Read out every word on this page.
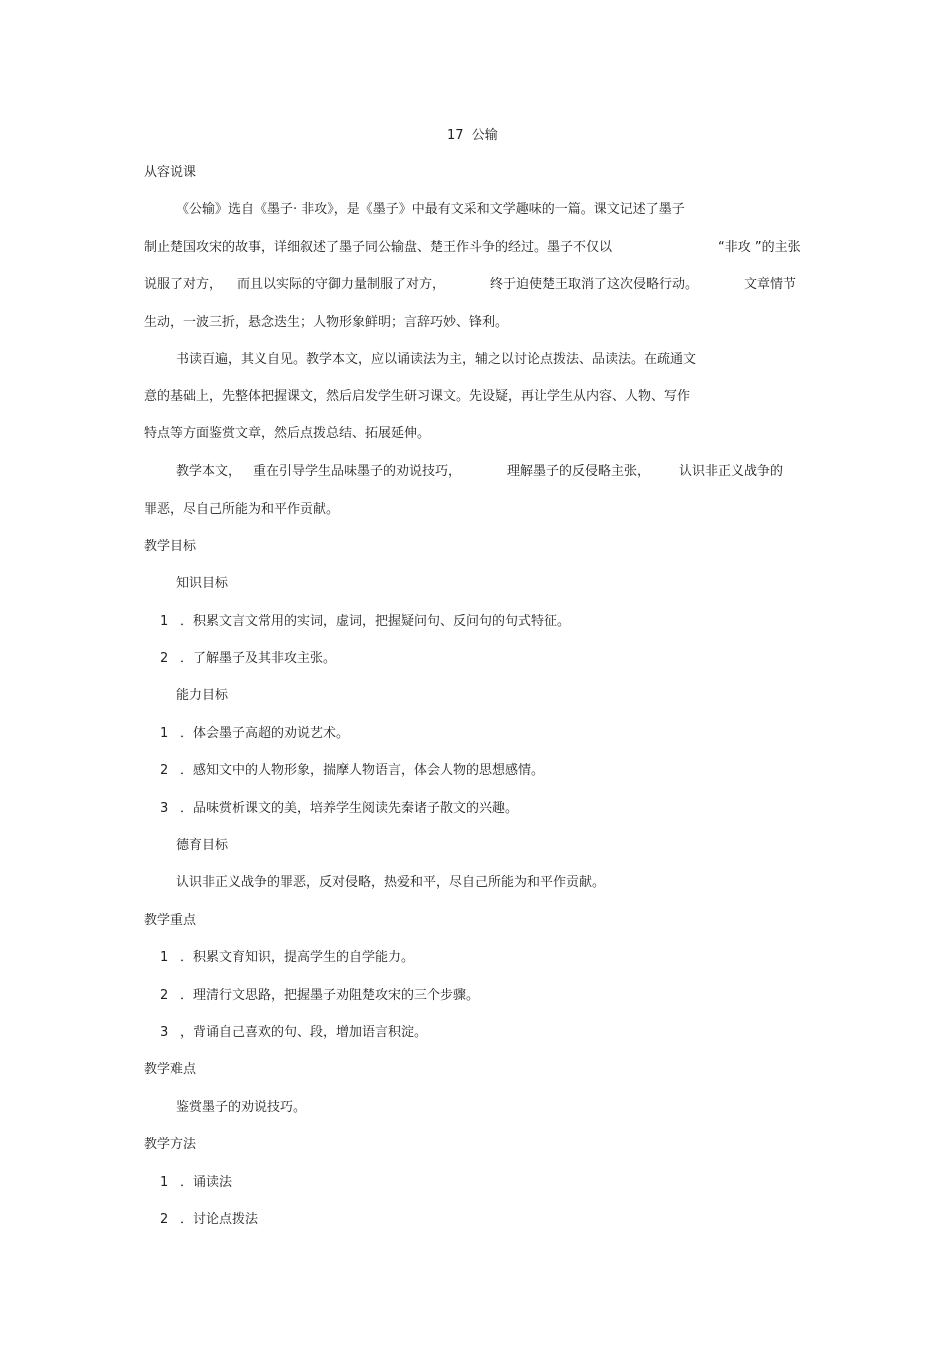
17  公输
从容说课
《公输》选自《墨子· 非攻》，是《墨子》中最有文采和文学趣味的一篇。课文记述了墨子
制止楚国攻宋的故事，详细叙述了墨子同公输盘、楚王作斗争的经过。墨子不仅以	“非攻 ”的主张
说服了对方， 而且以实际的守御力量制服了对方，	终于迫使楚王取消了这次侵略行动。	文章情节
生动，一波三折，悬念迭生；人物形象鲜明；言辞巧妙、锋利。
书读百遍，其义自见。教学本文，应以诵读法为主，辅之以讨论点拨法、品读法。在疏通文
意的基础上，先整体把握课文，然后启发学生研习课文。先设疑，再让学生从内容、人物、写作
特点等方面鉴赏文章，然后点拨总结、拓展延伸。
教学本文， 重在引导学生品味墨子的劝说技巧，	理解墨子的反侵略主张， 认识非正义战争的
罪恶，尽自己所能为和平作贡献。
教学目标
知识目标
1 ．积累文言文常用的实词，虚词，把握疑问句、反问句的句式特征。
2 ．了解墨子及其非攻主张。
能力目标
1 ．体会墨子高超的劝说艺术。
2 ．感知文中的人物形象，揣摩人物语言，体会人物的思想感情。
3 ．品味赏析课文的美，培养学生阅读先秦诸子散文的兴趣。
德育目标
认识非正义战争的罪恶，反对侵略，热爱和平，尽自己所能为和平作贡献。
教学重点
1 ．积累文育知识，提高学生的自学能力。
2 ．理清行文思路，把握墨子劝阻楚攻宋的三个步骤。
3 ，背诵自己喜欢的句、段，增加语言积淀。
教学难点
鉴赏墨子的劝说技巧。
教学方法
1 ．诵读法
2 ．讨论点拨法
